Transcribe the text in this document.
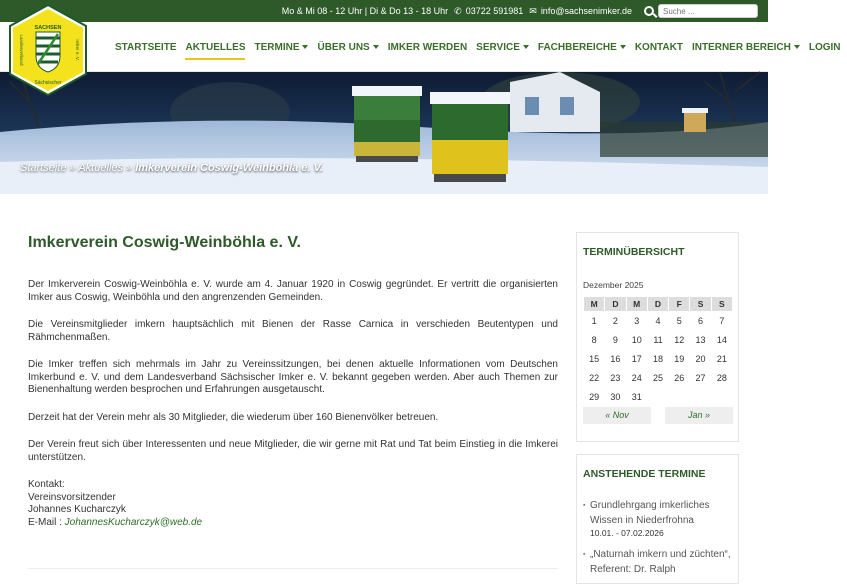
Mo & Mi 08 - 12 Uhr | Di & Do 13 - 18 Uhr ✆ 03722 591981 ✉ info@sachsenimker.de
Suche ...
STARTSEITE AKTUELLES TERMINE ÜBER UNS IMKER WERDEN SERVICE FACHBEREICHE KONTAKT INTERNER BEREICH LOGIN
SACHSEN
Sächsischer
Landesverband	Imker e. V.
Startseite » Aktuelles » Imkerverein Coswig-Weinböhla e. V.
Imkerverein Coswig-Weinböhla e. V.

Der Imkerverein Coswig-Weinböhla e. V. wurde am 4. Januar 1920 in Coswig gegründet. Er vertritt die organisierten Imker aus Coswig, Weinböhla und den angrenzenden Gemeinden.

Die Vereinsmitglieder imkern hauptsächlich mit Bienen der Rasse Carnica in verschieden Beutentypen und Rähmchenmaßen.

Die Imker treffen sich mehrmals im Jahr zu Vereinssitzungen, bei denen aktuelle Informationen vom Deutschen Imkerbund e. V. und dem Landesverband Sächsischer Imker e. V. bekannt gegeben werden. Aber auch Themen zur Bienenhaltung werden besprochen und Erfahrungen ausgetauscht.

Derzeit hat der Verein mehr als 30 Mitglieder, die wiederum über 160 Bienenvölker betreuen.

Der Verein freut sich über Interessenten und neue Mitglieder, die wir gerne mit Rat und Tat beim Einstieg in die Imkerei unterstützen.

Kontakt:
Vereinsvorsitzender
Johannes Kucharczyk
E-Mail : JohannesKucharczyk@web.de
TERMINÜBERSICHT
Dezember 2025
M	D	M	D	F	S	S
1	2	3	4	5	6	7
8	9	10	11	12	13	14
15	16	17	18	19	20	21
22	23	24	25	26	27	28
29	30	31				
« Nov	Jan »
ANSTEHENDE TERMINE
▪ Grundlehrgang imkerliches Wissen in Niederfrohna
10.01. - 07.02.2026
▪ „Naturnah imkern und züchten“, Referent: Dr. Ralph
